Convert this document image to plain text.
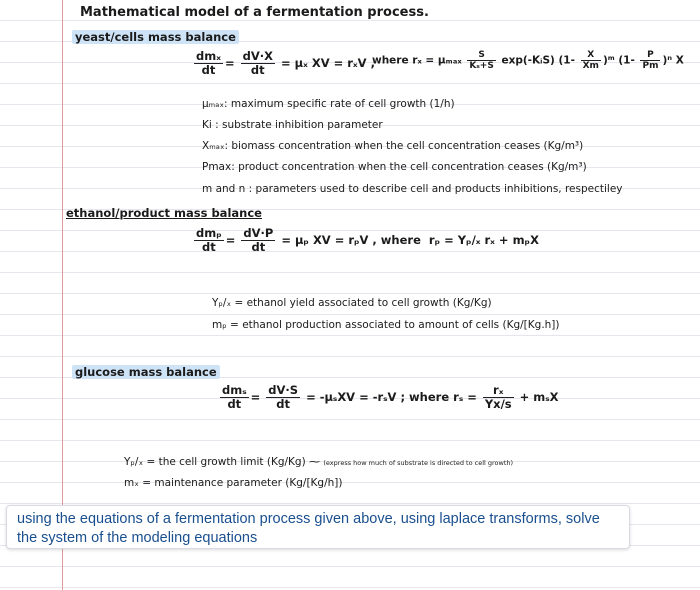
Mathematical model of a fermentation process.
yeast/cells mass balance
$\frac{\text{dmₓ}}{dt} = \frac{dV\cdot X}{dt} = \mu_x$ XV = rₓV ,
where rₓ = μₘₐₓ $\frac{S}{\text{Kₛ+S}}$ exp(-KᵢS) ($1- \frac{X}{Xm}$ )ᵐ $(1- \frac{P}{Pm} )^n$ X
μₘₐₓ: maximum specific rate of cell growth (1/h)
Ki : substrate inhibition parameter
Xₘₐₓ: biomass concentration when the cell concentration ceases (Kg/m³)
Pmax: product concentration when the cell concentration ceases (Kg/m³)
m and n : parameters used to describe cell and products inhibitions, respectiley
ethanol/product mass balance
$\frac{\text{dmₚ}}{dt} = \frac{dV\cdot P}{dt} = \mu_p$ XV = rₚV , where rₚ = Yₚ/ₓ rₓ + mₚX
Yₚ/ₓ = ethanol yield associated to cell growth (Kg/Kg)
mₚ = ethanol production associated to amount of cells (Kg/[Kg.h])
glucose mass balance
$\frac{\text{dmₛ}}{dt} = \frac{dV\cdot S}{dt} = -\mu_sXV = -r_sV$ ; where $r_s = \frac{\text{rₓ}}{Yx/s} + m_sX$
Yₚ/ₓ = the cell growth limit (Kg/Kg) ⁓ (express how much of substrate is directed to cell growth)
mₓ = maintenance parameter (Kg/[Kg/h])
using the equations of a fermentation process given above, using laplace transforms, solve the system of the modeling equations
